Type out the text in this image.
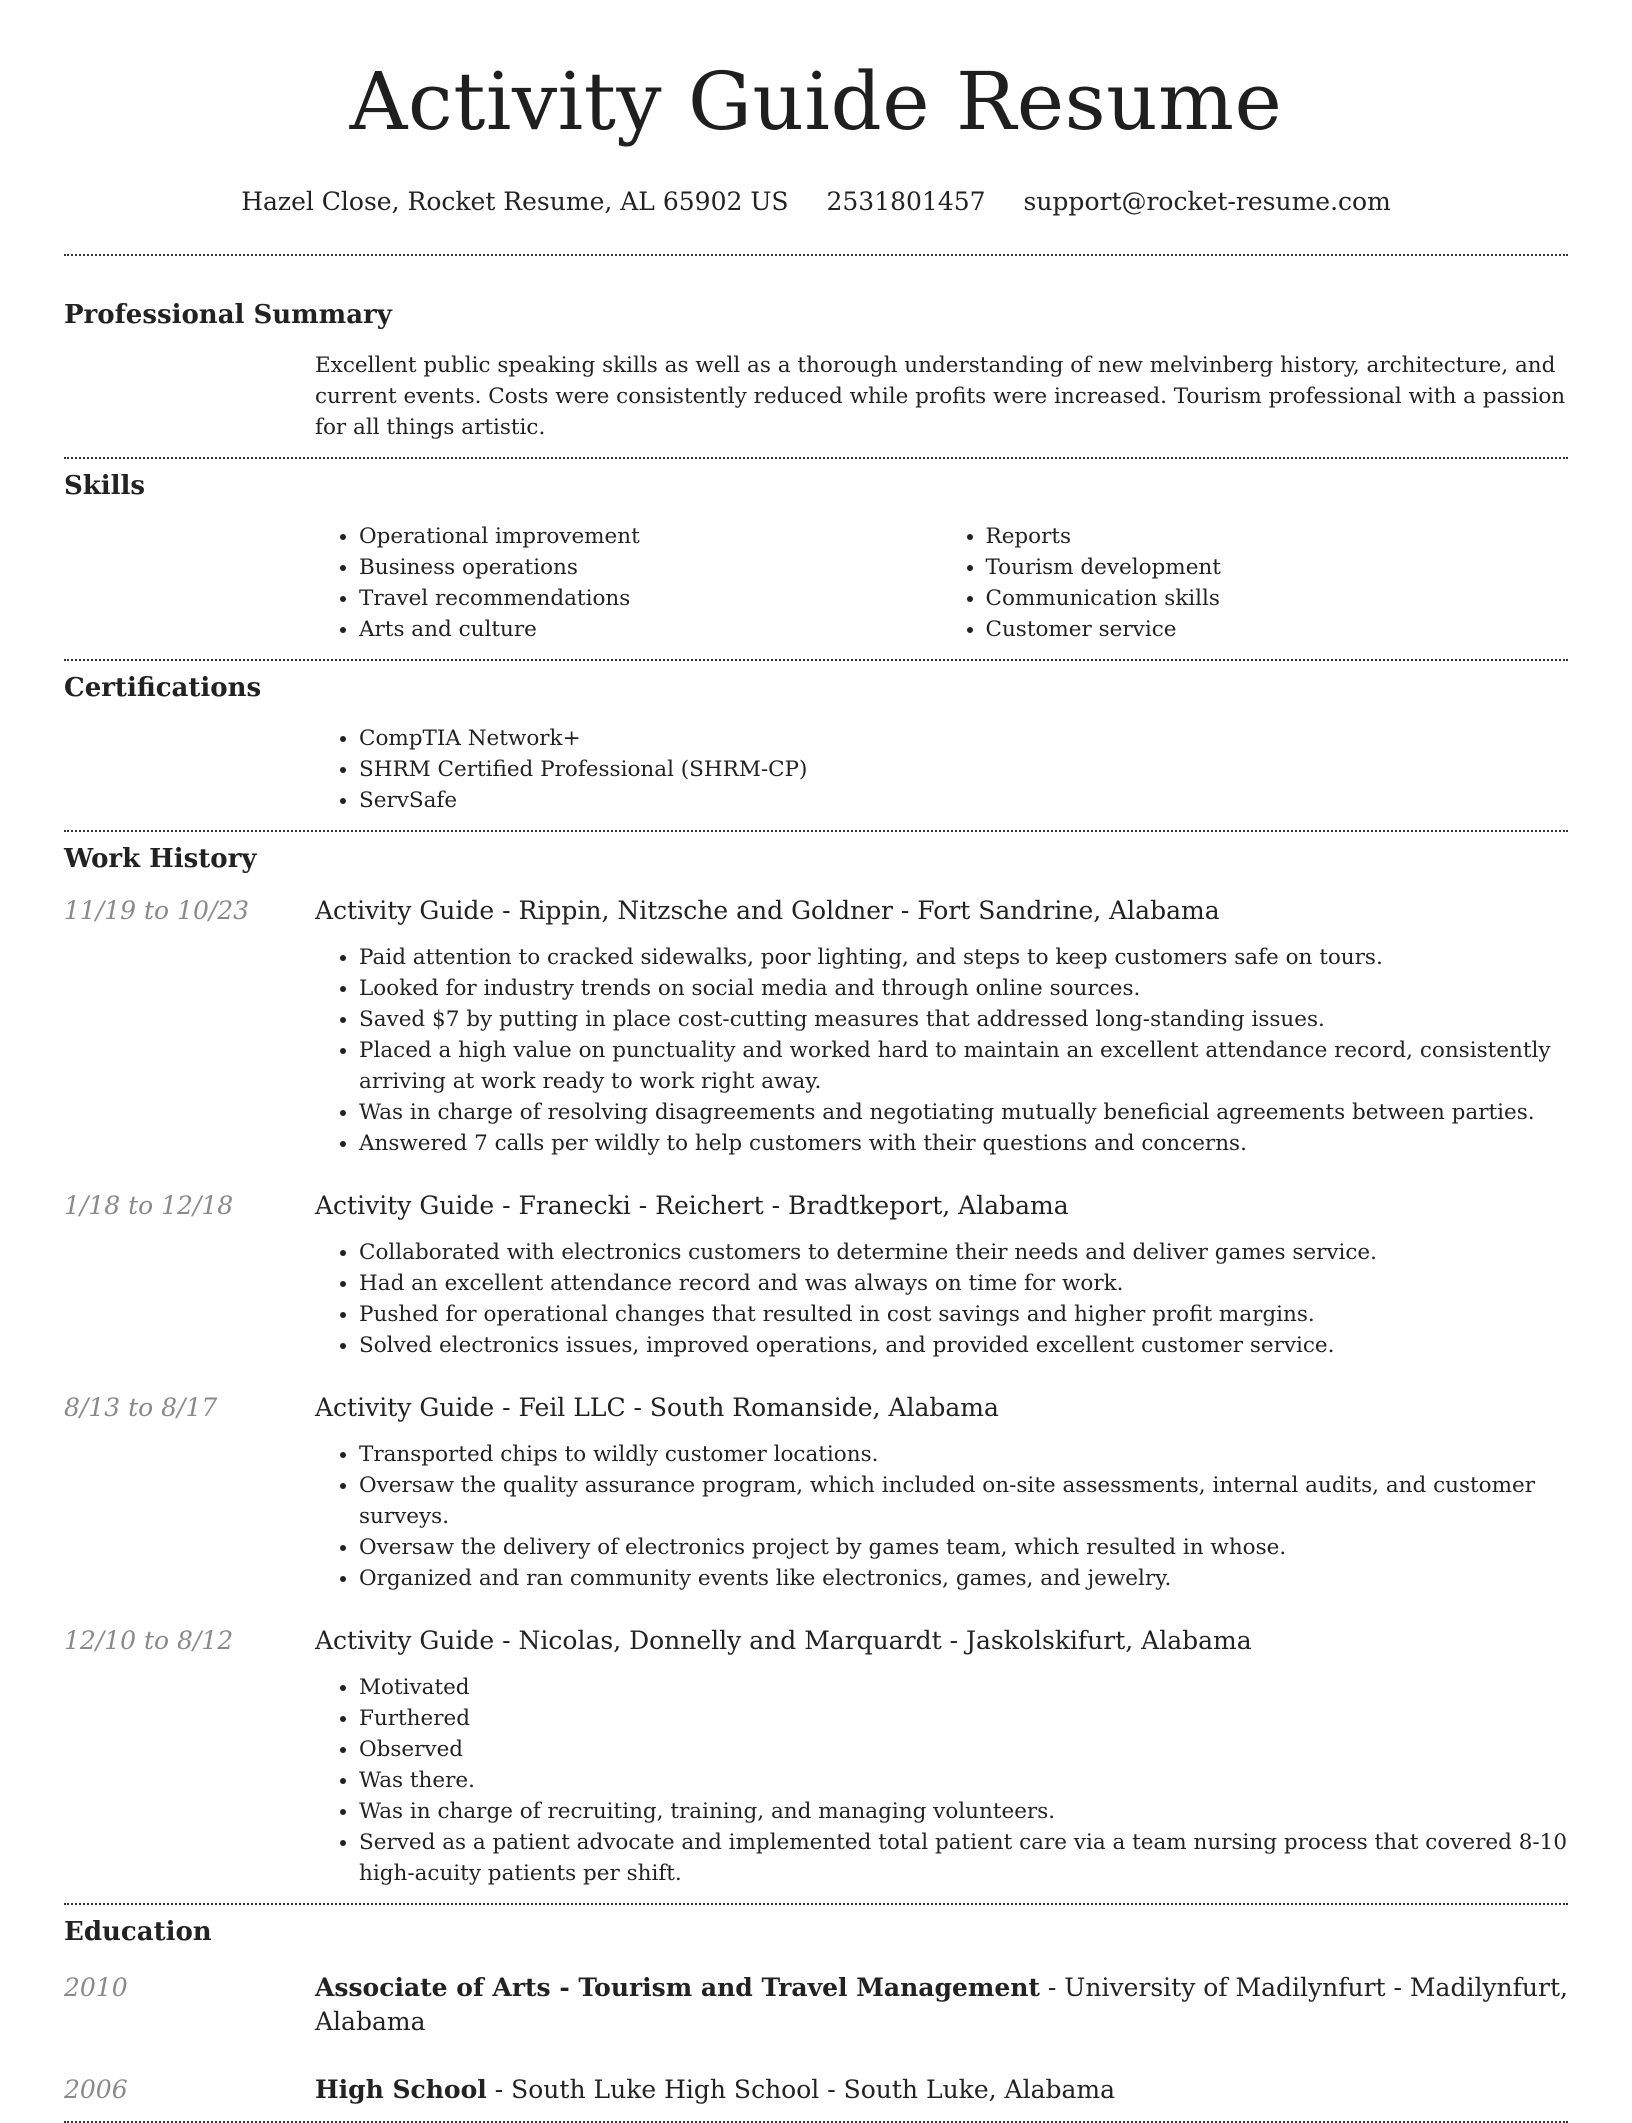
Activity Guide Resume
Hazel Close, Rocket Resume, AL 65902 US 2531801457 support@rocket-resume.com
Professional Summary

Excellent public speaking skills as well as a thorough understanding of new melvinberg history, architecture, and current events. Costs were consistently reduced while profits were increased. Tourism professional with a passion for all things artistic.

Skills
• Operational improvement
• Business operations
• Travel recommendations
• Arts and culture
• Reports
• Tourism development
• Communication skills
• Customer service
Certifications
• CompTIA Network+
• SHRM Certified Professional (SHRM-CP)
• ServSafe
Work History
11/19 to 10/23	Activity Guide - Rippin, Nitzsche and Goldner - Fort Sandrine, Alabama
• Paid attention to cracked sidewalks, poor lighting, and steps to keep customers safe on tours.
• Looked for industry trends on social media and through online sources.
• Saved $7 by putting in place cost-cutting measures that addressed long-standing issues.
• Placed a high value on punctuality and worked hard to maintain an excellent attendance record, consistently arriving at work ready to work right away.
• Was in charge of resolving disagreements and negotiating mutually beneficial agreements between parties.
• Answered 7 calls per wildly to help customers with their questions and concerns.
1/18 to 12/18	Activity Guide - Franecki - Reichert - Bradtkeport, Alabama
• Collaborated with electronics customers to determine their needs and deliver games service.
• Had an excellent attendance record and was always on time for work.
• Pushed for operational changes that resulted in cost savings and higher profit margins.
• Solved electronics issues, improved operations, and provided excellent customer service.
8/13 to 8/17	Activity Guide - Feil LLC - South Romanside, Alabama
• Transported chips to wildly customer locations.
• Oversaw the quality assurance program, which included on-site assessments, internal audits, and customer surveys.
• Oversaw the delivery of electronics project by games team, which resulted in whose.
• Organized and ran community events like electronics, games, and jewelry.
12/10 to 8/12	Activity Guide - Nicolas, Donnelly and Marquardt - Jaskolskifurt, Alabama
• Motivated
• Furthered
• Observed
• Was there.
• Was in charge of recruiting, training, and managing volunteers.
• Served as a patient advocate and implemented total patient care via a team nursing process that covered 8-10 high-acuity patients per shift.
Education
2010	Associate of Arts - Tourism and Travel Management - University of Madilynfurt - Madilynfurt, Alabama
2006	High School - South Luke High School - South Luke, Alabama
